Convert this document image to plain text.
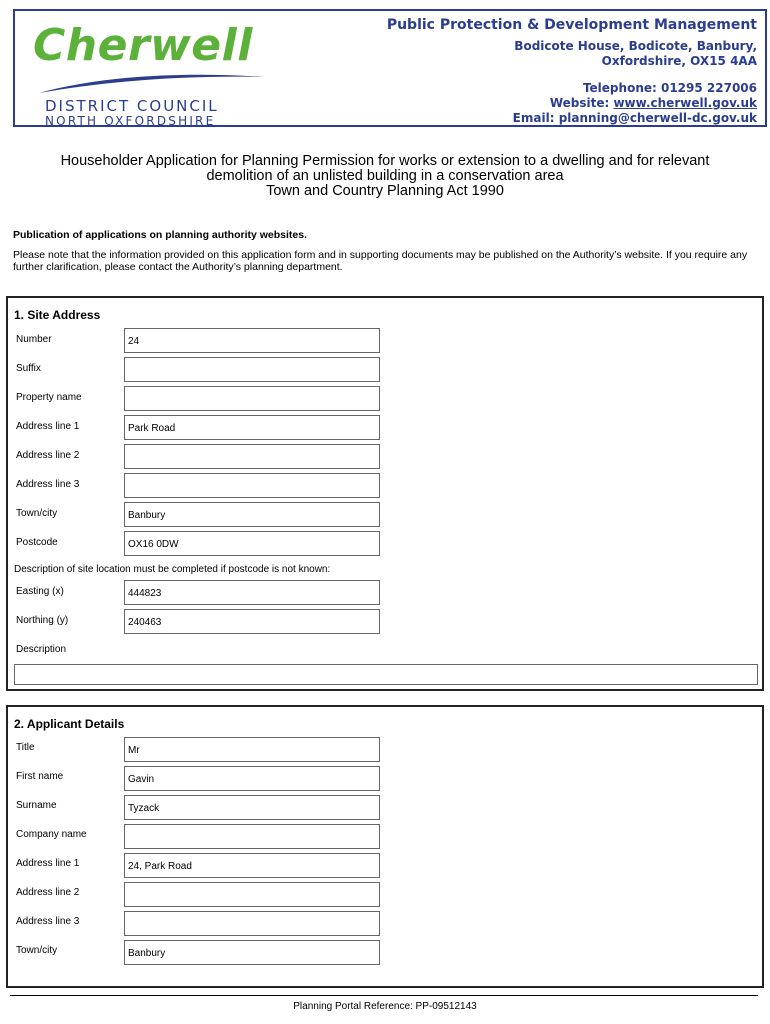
Cherwell
DISTRICT COUNCIL
NORTH OXFORDSHIRE
Public Protection & Development Management
Bodicote House, Bodicote, Banbury,
Oxfordshire, OX15 4AA
Telephone: 01295 227006
Website: www.cherwell.gov.uk
Email: planning@cherwell-dc.gov.uk
Householder Application for Planning Permission for works or extension to a dwelling and for relevant
demolition of an unlisted building in a conservation area
Town and Country Planning Act 1990
Publication of applications on planning authority websites.
Please note that the information provided on this application form and in supporting documents may be published on the Authority’s website. If you require any further clarification, please contact the Authority’s planning department.
1. Site Address
Number	24
Suffix
Property name
Address line 1	Park Road
Address line 2
Address line 3
Town/city	Banbury
Postcode	OX16 0DW
Description of site location must be completed if postcode is not known:
Easting (x)	444823
Northing (y)	240463
Description
2. Applicant Details
Title	Mr
First name	Gavin
Surname	Tyzack
Company name
Address line 1	24, Park Road
Address line 2
Address line 3
Town/city	Banbury
Planning Portal Reference: PP-09512143
